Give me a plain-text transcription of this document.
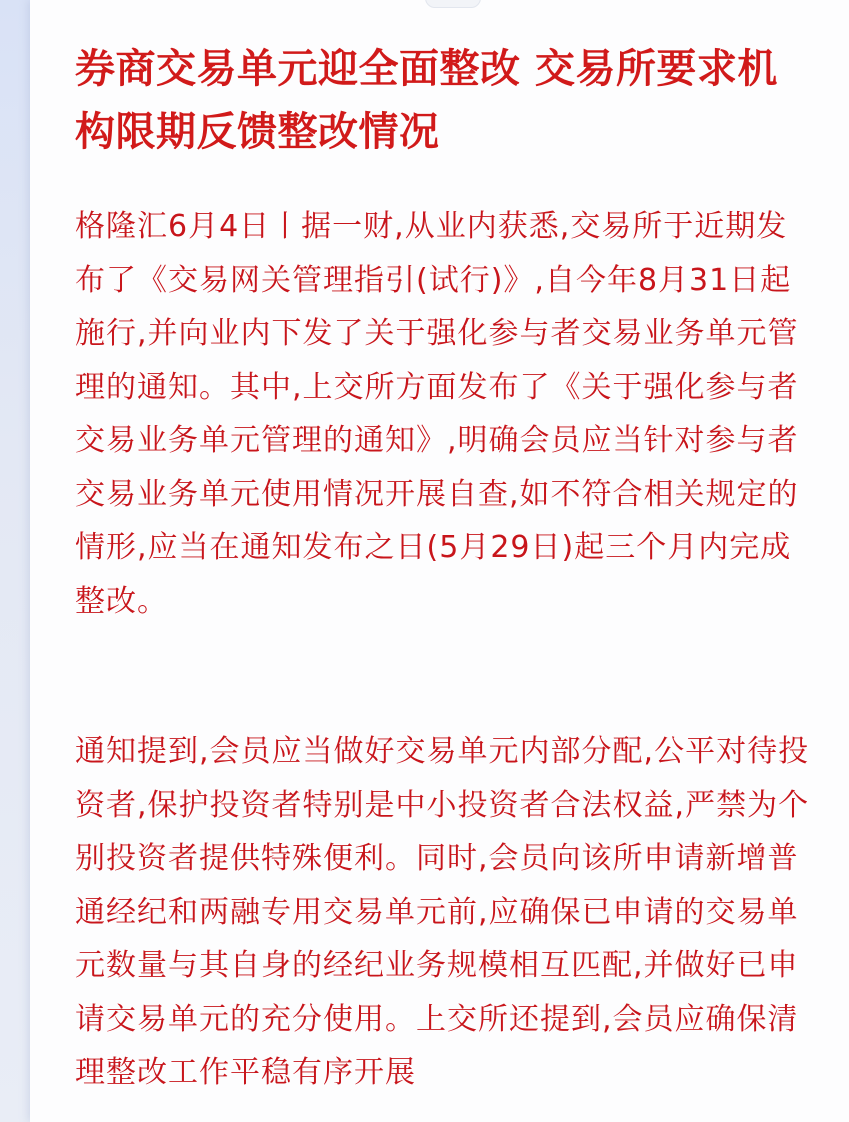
券商交易单元迎全面整改 交易所要求机构限期反馈整改情况

格隆汇6月4日丨据一财,从业内获悉,交易所于近期发布了《交易网关管理指引(试行)》,自今年8月31日起施行,并向业内下发了关于强化参与者交易业务单元管理的通知。其中,上交所方面发布了《关于强化参与者交易业务单元管理的通知》,明确会员应当针对参与者交易业务单元使用情况开展自查,如不符合相关规定的情形,应当在通知发布之日(5月29日)起三个月内完成整改。

通知提到,会员应当做好交易单元内部分配,公平对待投资者,保护投资者特别是中小投资者合法权益,严禁为个别投资者提供特殊便利。同时,会员向该所申请新增普通经纪和两融专用交易单元前,应确保已申请的交易单元数量与其自身的经纪业务规模相互匹配,并做好已申请交易单元的充分使用。上交所还提到,会员应确保清理整改工作平稳有序开展
